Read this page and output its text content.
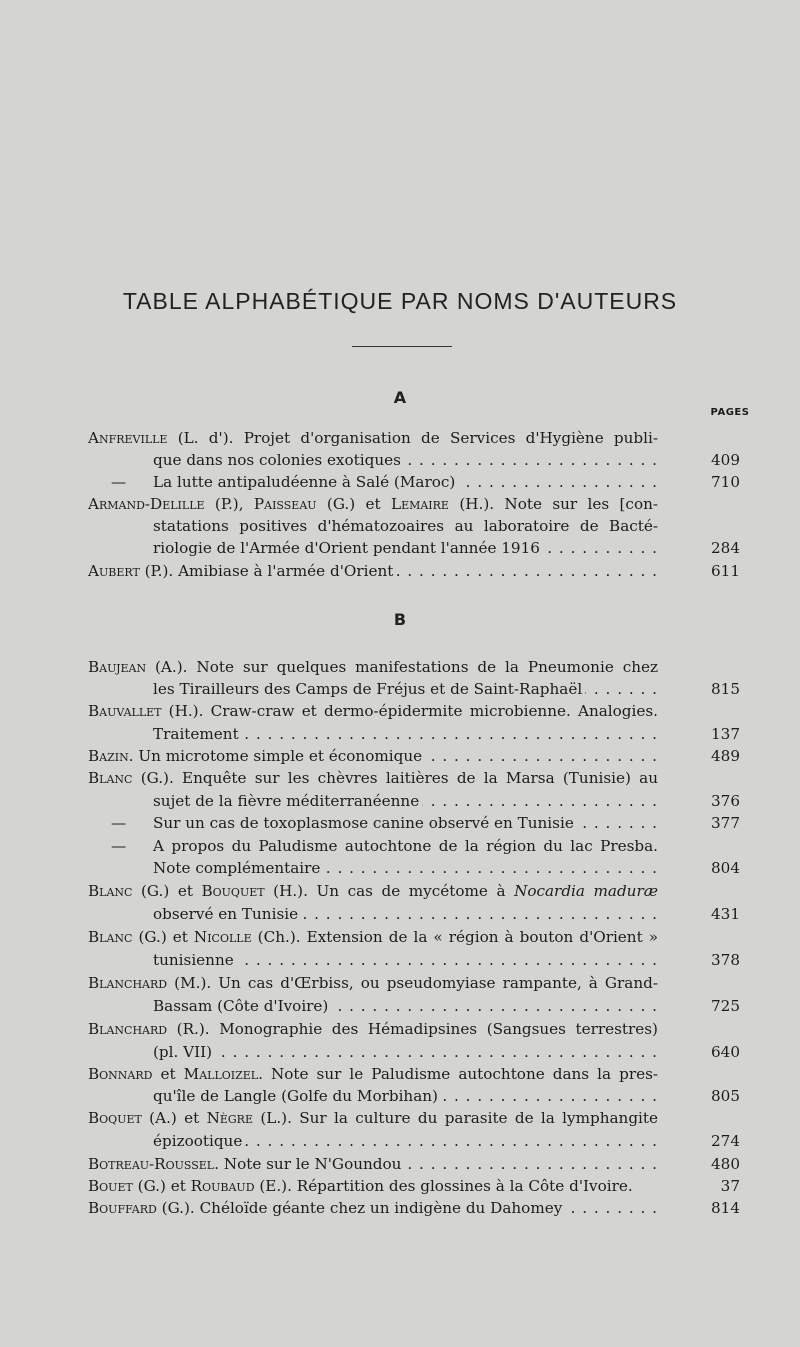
TABLE ALPHABÉTIQUE PAR NOMS D'AUTEURS
A
PAGES
Anfreville (L. d'). Projet d'organisation de Services d'Hygiène publi-
que dans nos colonies exotiques . . .	409
— La lutte antipaludéenne à Salé (Maroc) . . .	710
Armand-Delille (P.), Paisseau (G.) et Lemaire (H.). Note sur les [con-
statations positives d'hématozoaires au laboratoire de Bacté-
riologie de l'Armée d'Orient pendant l'année 1916 . . .	284
Aubert (P.). Amibiase à l'armée d'Orient . . .	611
B
Baujean (A.). Note sur quelques manifestations de la Pneumonie chez
les Tirailleurs des Camps de Fréjus et de Saint-Raphaël . . .	815
Bauvallet (H.). Craw-craw et dermo-épidermite microbienne. Analogies.
Traitement . . .	137
Bazin. Un microtome simple et économique . . .	489
Blanc (G.). Enquête sur les chèvres laitières de la Marsa (Tunisie) au
sujet de la fièvre méditerranéenne . . .	376
— Sur un cas de toxoplasmose canine observé en Tunisie . . .	377
— A propos du Paludisme autochtone de la région du lac Presba.
Note complémentaire . . .	804
Blanc (G.) et Bouquet (H.). Un cas de mycétome à Nocardia maduræ
observé en Tunisie . . .	431
Blanc (G.) et Nicolle (Ch.). Extension de la « région à bouton d'Orient »
tunisienne . . .	378
Blanchard (M.). Un cas d'Œrbiss, ou pseudomyiase rampante, à Grand-
Bassam (Côte d'Ivoire) . . .	725
Blanchard (R.). Monographie des Hémadipsines (Sangsues terrestres)
(pl. VII) . . .	640
Bonnard et Malloizel. Note sur le Paludisme autochtone dans la pres-
qu'île de Langle (Golfe du Morbihan) . . .	805
Boquet (A.) et Nègre (L.). Sur la culture du parasite de la lymphangite
épizootique . . .	274
Botreau-Roussel. Note sur le N'Goundou . . .	480
Bouet (G.) et Roubaud (E.). Répartition des glossines à la Côte d'Ivoire.	37
Bouffard (G.). Chéloïde géante chez un indigène du Dahomey . . .	814
